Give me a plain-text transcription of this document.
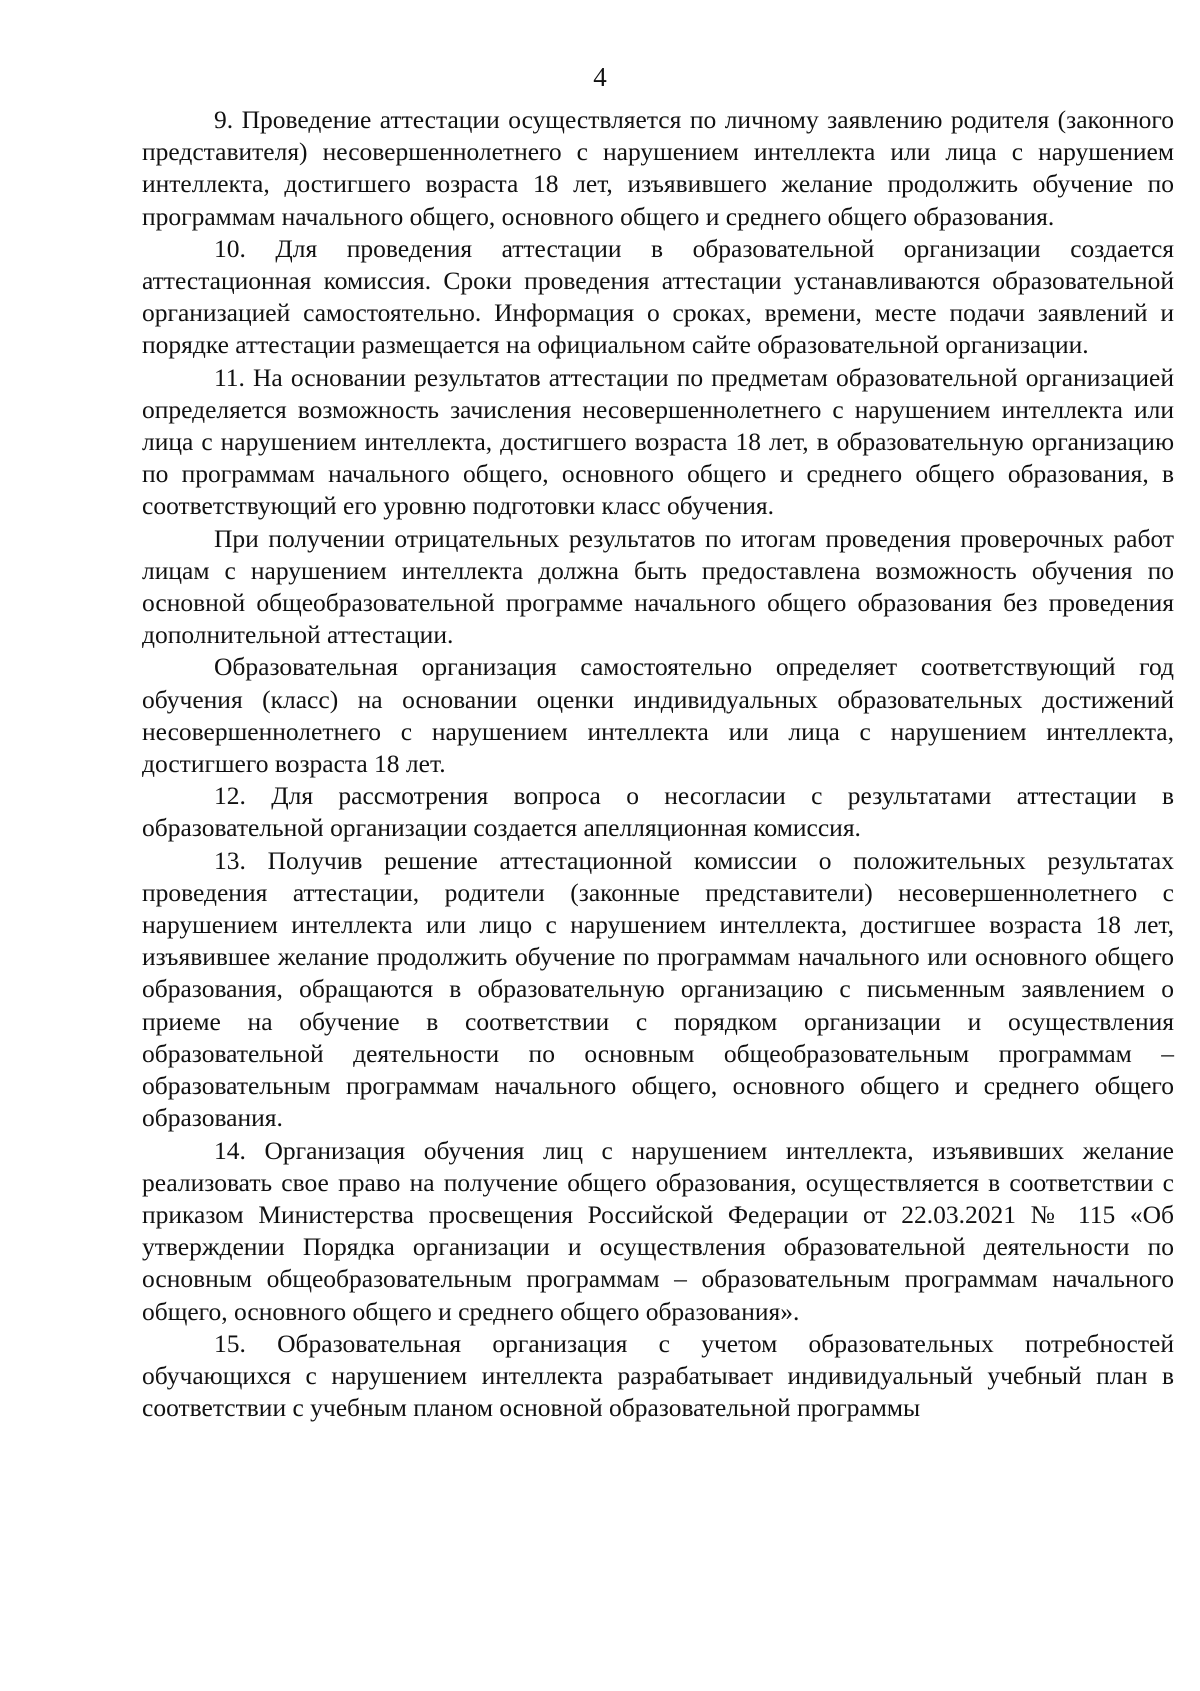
4

9. Проведение аттестации осуществляется по личному заявлению родителя (законного представителя) несовершеннолетнего с нарушением интеллекта или лица с нарушением интеллекта, достигшего возраста 18 лет, изъявившего желание продолжить обучение по программам начального общего, основного общего и среднего общего образования.

10. Для проведения аттестации в образовательной организации создается аттестационная комиссия. Сроки проведения аттестации устанавливаются образовательной организацией самостоятельно. Информация о сроках, времени, месте подачи заявлений и порядке аттестации размещается на официальном сайте образовательной организации.

11. На основании результатов аттестации по предметам образовательной организацией определяется возможность зачисления несовершеннолетнего с нарушением интеллекта или лица с нарушением интеллекта, достигшего возраста 18 лет, в образовательную организацию по программам начального общего, основного общего и среднего общего образования, в соответствующий его уровню подготовки класс обучения.

При получении отрицательных результатов по итогам проведения проверочных работ лицам с нарушением интеллекта должна быть предоставлена возможность обучения по основной общеобразовательной программе начального общего образования без проведения дополнительной аттестации.

Образовательная организация самостоятельно определяет соответствующий год обучения (класс) на основании оценки индивидуальных образовательных достижений несовершеннолетнего с нарушением интеллекта или лица с нарушением интеллекта, достигшего возраста 18 лет.

12. Для рассмотрения вопроса о несогласии с результатами аттестации в образовательной организации создается апелляционная комиссия.

13. Получив решение аттестационной комиссии о положительных результатах проведения аттестации, родители (законные представители) несовершеннолетнего с нарушением интеллекта или лицо с нарушением интеллекта, достигшее возраста 18 лет, изъявившее желание продолжить обучение по программам начального или основного общего образования, обращаются в образовательную организацию с письменным заявлением о приеме на обучение в соответствии с порядком организации и осуществления образовательной деятельности по основным общеобразовательным программам – образовательным программам начального общего, основного общего и среднего общего образования.

14. Организация обучения лиц с нарушением интеллекта, изъявивших желание реализовать свое право на получение общего образования, осуществляется в соответствии с приказом Министерства просвещения Российской Федерации от 22.03.2021 № 115 «Об утверждении Порядка организации и осуществления образовательной деятельности по основным общеобразовательным программам – образовательным программам начального общего, основного общего и среднего общего образования».

15. Образовательная организация с учетом образовательных потребностей обучающихся с нарушением интеллекта разрабатывает индивидуальный учебный план в соответствии с учебным планом основной образовательной программы
